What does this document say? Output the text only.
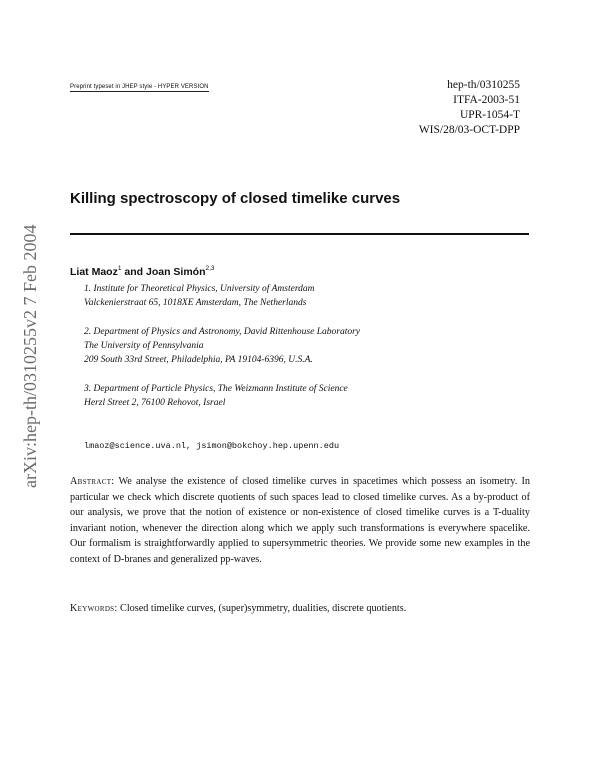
Preprint typeset in JHEP style - HYPER VERSION	hep-th/0310255
ITFA-2003-51
UPR-1054-T
WIS/28/03-OCT-DPP
arXiv:hep-th/0310255v2 7 Feb 2004
Killing spectroscopy of closed timelike curves
Liat Maoz$^1$ and Joan Simón$^{2,3}$
1. Institute for Theoretical Physics, University of Amsterdam
Valckenierstraat 65, 1018XE Amsterdam, The Netherlands
2. Department of Physics and Astronomy, David Rittenhouse Laboratory
The University of Pennsylvania
209 South 33rd Street, Philadelphia, PA 19104-6396, U.S.A.
3. Department of Particle Physics, The Weizmann Institute of Science
Herzl Street 2, 76100 Rehovot, Israel
lmaoz@science.uva.nl, jsimon@bokchoy.hep.upenn.edu
Abstract: We analyse the existence of closed timelike curves in spacetimes which possess an isometry. In particular we check which discrete quotients of such spaces lead to closed timelike curves. As a by-product of our analysis, we prove that the notion of existence or non-existence of closed timelike curves is a T-duality invariant notion, whenever the direction along which we apply such transformations is everywhere spacelike. Our formalism is straightforwardly applied to supersymmetric theories. We provide some new examples in the context of D-branes and generalized pp-waves.
Keywords: Closed timelike curves, (super)symmetry, dualities, discrete quotients.
